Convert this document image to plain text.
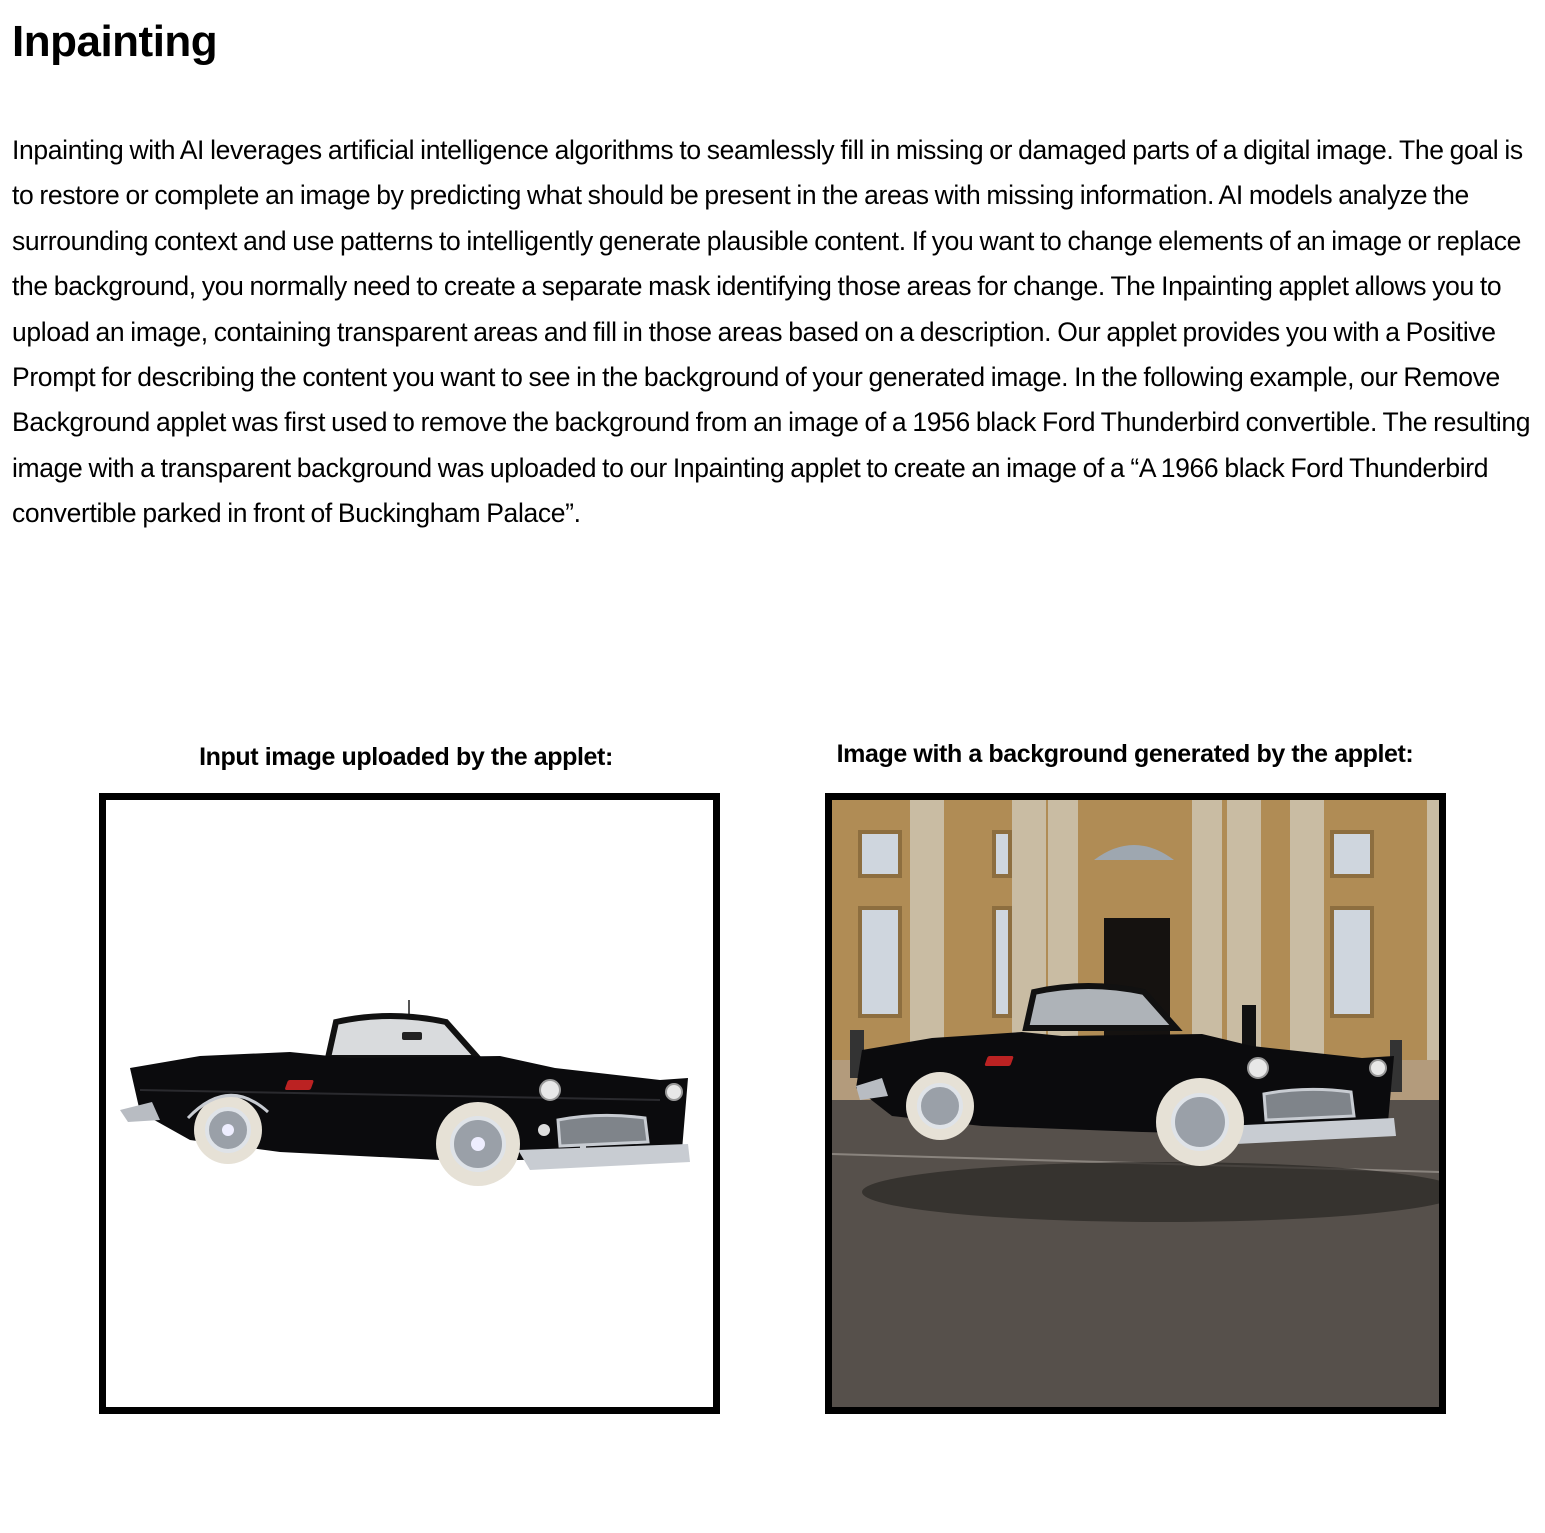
Inpainting

Inpainting with AI leverages artificial intelligence algorithms to seamlessly fill in missing or damaged parts of a digital image. The goal is to restore or complete an image by predicting what should be present in the areas with missing information. AI models analyze the surrounding context and use patterns to intelligently generate plausible content. If you want to change elements of an image or replace the background, you normally need to create a separate mask identifying those areas for change. The Inpainting applet allows you to upload an image, containing transparent areas and fill in those areas based on a description. Our applet provides you with a Positive Prompt for describing the content you want to see in the background of your generated image. In the following example, our Remove Background applet was first used to remove the background from an image of a 1956 black Ford Thunderbird convertible. The resulting image with a transparent background was uploaded to our Inpainting applet to create an image of a “A 1966 black Ford Thunderbird convertible parked in front of Buckingham Palace”.

Input image uploaded by the applet:	Image with a background generated by the applet:
